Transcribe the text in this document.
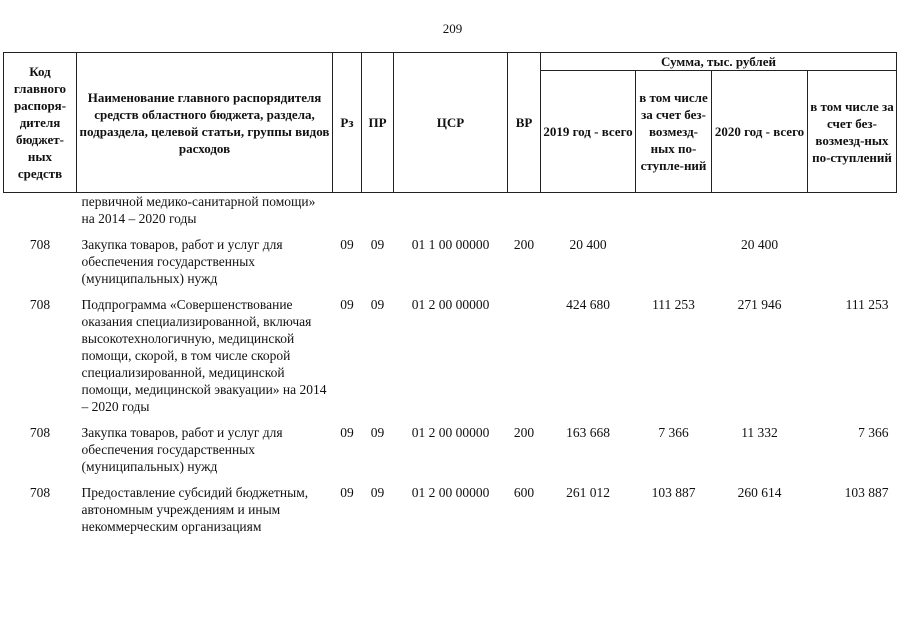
209
Код главного распоря-дителя бюджет-ных средств	Наименование главного распорядителя средств областного бюджета, раздела, подраздела, целевой статьи, группы видов расходов	Рз	ПР	ЦСР	ВР	Сумма, тыс. рублей			
						2019 год - всего	в том числе за счет без-возмезд-ных по-ступле-ний	2020 год - всего	в том числе за счет без-возмезд-ных по-ступлений
	первичной медико-санитарной помощи» на 2014 – 2020 годы								
708	Закупка товаров, работ и услуг для обеспечения государственных (муниципальных) нужд	09	09	01 1 00 00000	200	20 400		20 400	
708	Подпрограмма «Совершенствование оказания специализированной, включая высокотехнологичную, медицинской помощи, скорой, в том числе скорой специализированной, медицинской помощи, медицинской эвакуации» на 2014 – 2020 годы	09	09	01 2 00 00000		424 680	111 253	271 946	111 253
708	Закупка товаров, работ и услуг для обеспечения государственных (муниципальных) нужд	09	09	01 2 00 00000	200	163 668	7 366	11 332	7 366
708	Предоставление субсидий бюджетным, автономным учреждениям и иным некоммерческим организациям	09	09	01 2 00 00000	600	261 012	103 887	260 614	103 887
